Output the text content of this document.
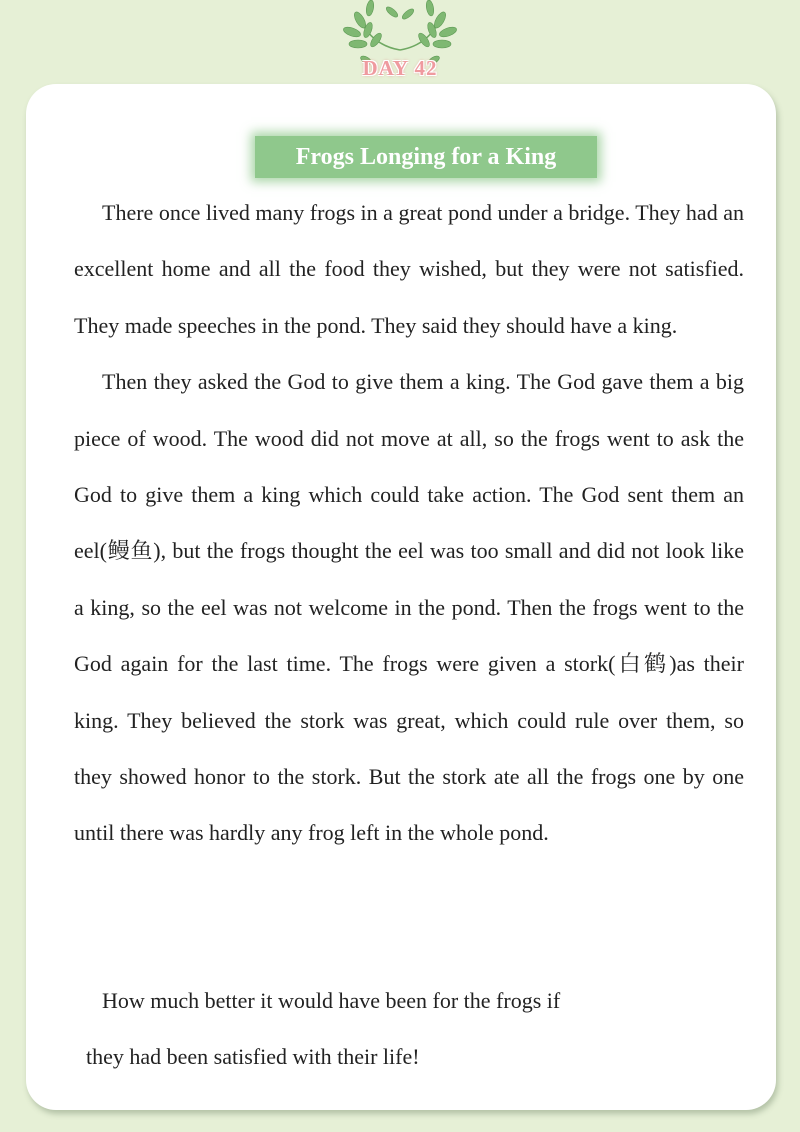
DAY 42
Frogs Longing for a King

There once lived many frogs in a great pond under a bridge. They had an excellent home and all the food they wished, but they were not satisfied. They made speeches in the pond. They said they should have a king.

Then they asked the God to give them a king. The God gave them a big piece of wood. The wood did not move at all, so the frogs went to ask the God to give them a king which could take action. The God sent them an eel(鳗鱼), but the frogs thought the eel was too small and did not look like a king, so the eel was not welcome in the pond. Then the frogs went to the God again for the last time. The frogs were given a stork(白鹤)as their king. They believed the stork was great, which could rule over them, so they showed honor to the stork. But the stork ate all the frogs one by one until there was hardly any frog left in the whole pond.

How much better it would have been for the frogs if
they had been satisfied with their life!
